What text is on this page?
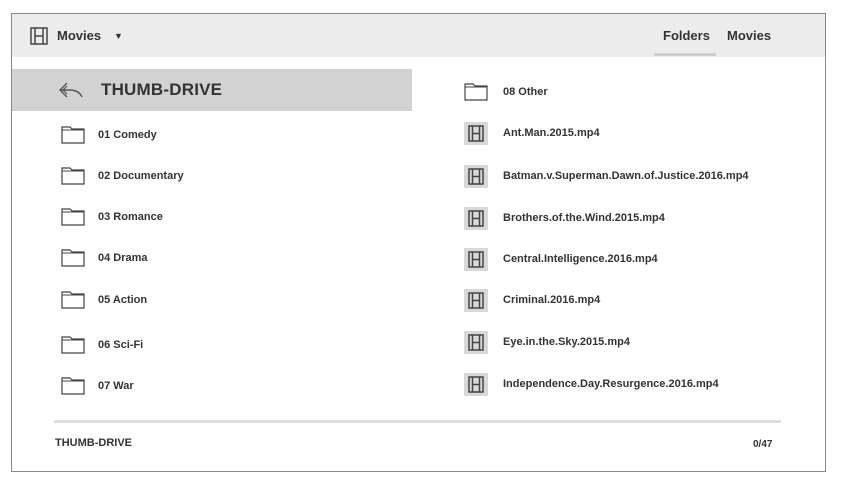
Movies ▼	Folders Movies
THUMB-DRIVE
01 Comedy
02 Documentary
03 Romance
04 Drama
05 Action
06 Sci-Fi
07 War
08 Other
Ant.Man.2015.mp4
Batman.v.Superman.Dawn.of.Justice.2016.mp4
Brothers.of.the.Wind.2015.mp4
Central.Intelligence.2016.mp4
Criminal.2016.mp4
Eye.in.the.Sky.2015.mp4
Independence.Day.Resurgence.2016.mp4
THUMB-DRIVE	0/47
